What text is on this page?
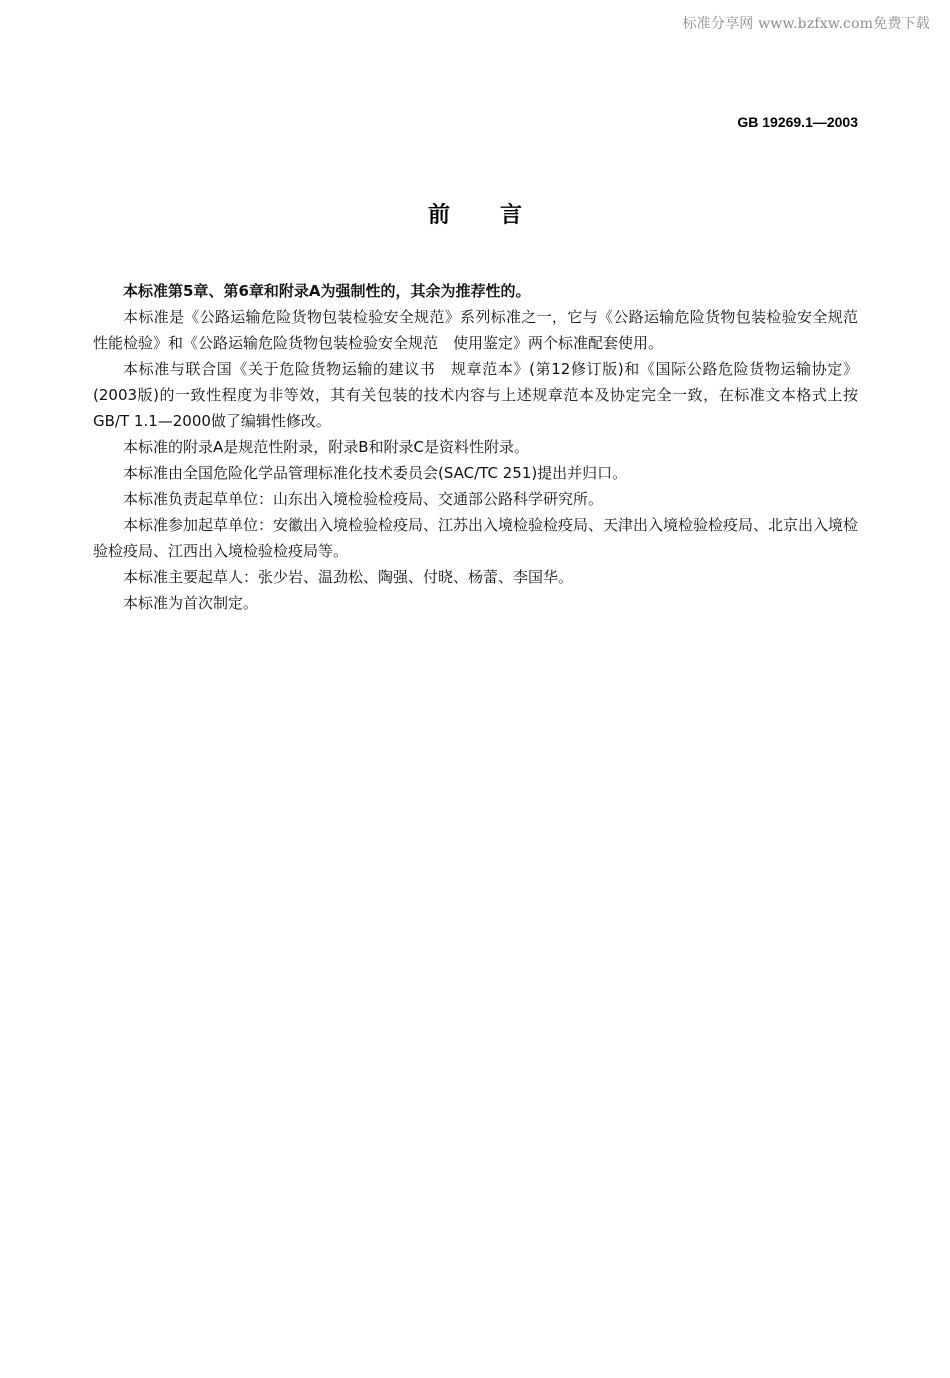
标准分享网 www.bzfxw.com免费下载
GB 19269.1—2003
前言

本标准第5章、第6章和附录A为强制性的，其余为推荐性的。

本标准是《公路运输危险货物包装检验安全规范》系列标准之一，它与《公路运输危险货物包装检验安全规范　性能检验》和《公路运输危险货物包装检验安全规范　使用鉴定》两个标准配套使用。

本标准与联合国《关于危险货物运输的建议书　规章范本》(第12修订版)和《国际公路危险货物运输协定》(2003版)的一致性程度为非等效，其有关包装的技术内容与上述规章范本及协定完全一致，在标准文本格式上按GB/T 1.1—2000做了编辑性修改。

本标准的附录A是规范性附录，附录B和附录C是资料性附录。

本标准由全国危险化学品管理标准化技术委员会(SAC/TC 251)提出并归口。

本标准负责起草单位：山东出入境检验检疫局、交通部公路科学研究所。

本标准参加起草单位：安徽出入境检验检疫局、江苏出入境检验检疫局、天津出入境检验检疫局、北京出入境检验检疫局、江西出入境检验检疫局等。

本标准主要起草人：张少岩、温劲松、陶强、付晓、杨蕾、李国华。

本标准为首次制定。
